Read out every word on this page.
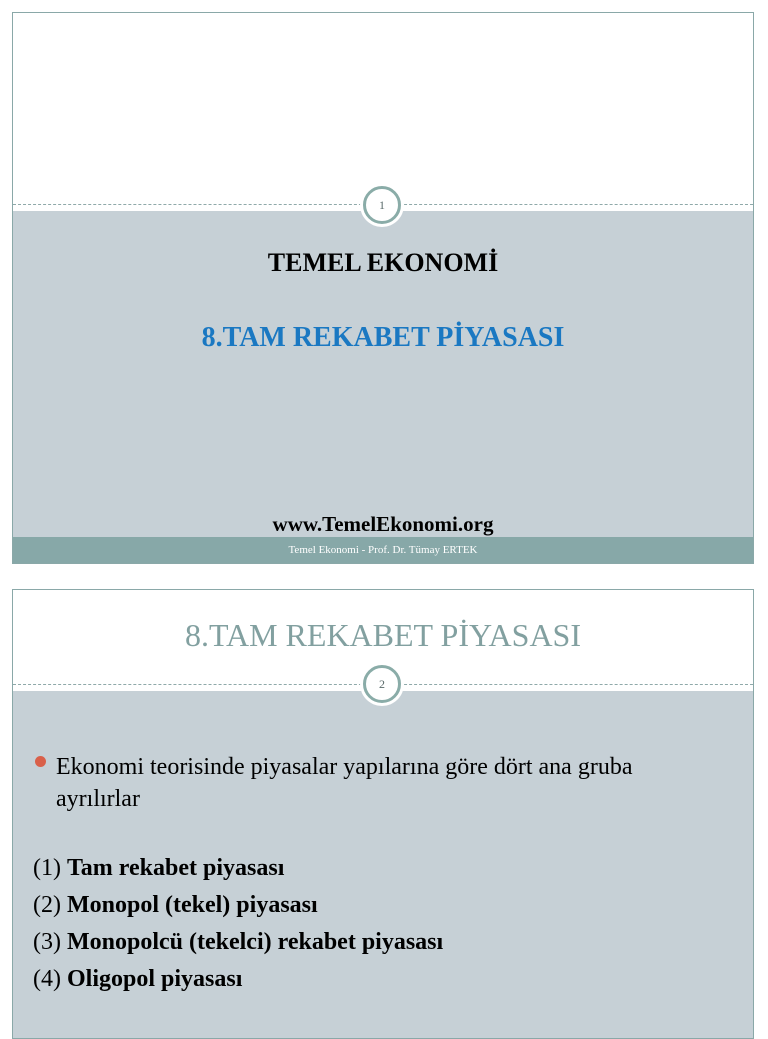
1
TEMEL EKONOMİ
8.TAM REKABET PİYASASI
www.TemelEkonomi.org
Temel Ekonomi - Prof. Dr. Tümay ERTEK
8.TAM REKABET PİYASASI
2
Ekonomi teorisinde piyasalar yapılarına göre dört ana gruba ayrılırlar
(1) Tam rekabet piyasası
(2) Monopol (tekel) piyasası
(3) Monopolcü (tekelci) rekabet piyasası
(4) Oligopol piyasası
